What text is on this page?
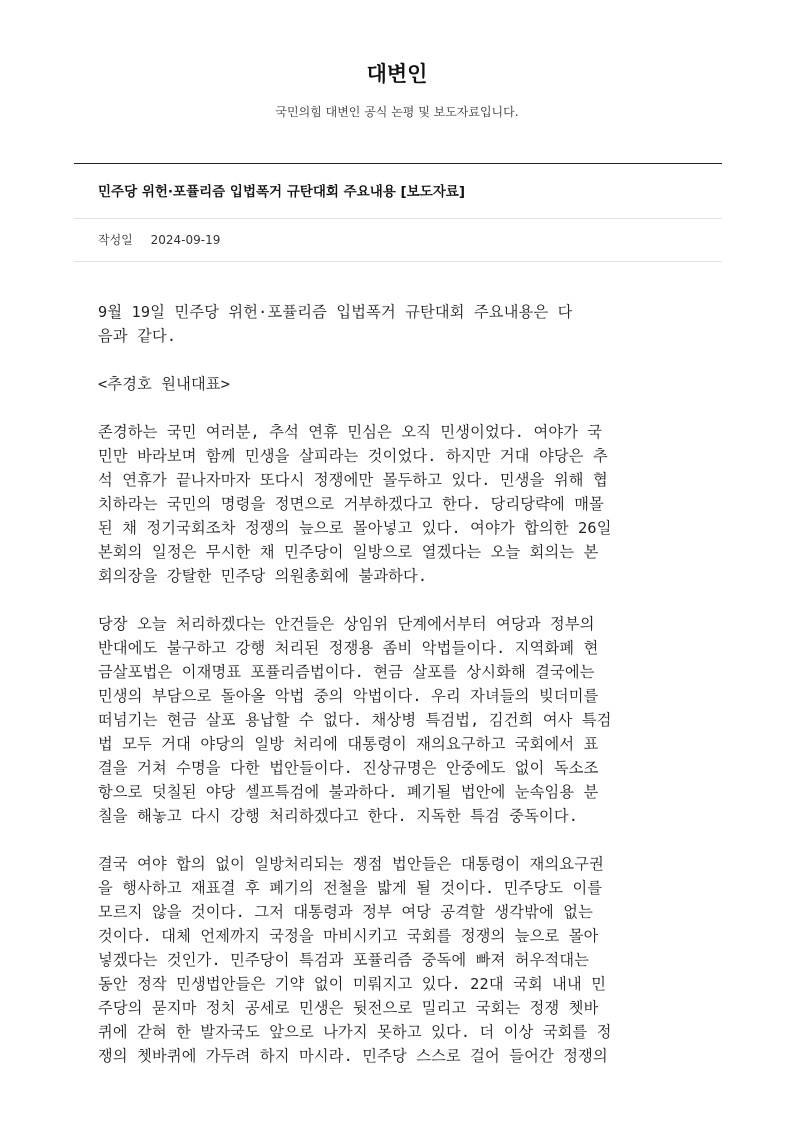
대변인
국민의힘 대변인 공식 논평 및 보도자료입니다.
민주당 위헌·포퓰리즘 입법폭거 규탄대회 주요내용 [보도자료]
작성일 2024-09-19
9월 19일 민주당 위헌·포퓰리즘 입법폭거 규탄대회 주요내용은 다
음과 같다.
<추경호 원내대표>
존경하는 국민 여러분, 추석 연휴 민심은 오직 민생이었다. 여야가 국
민만 바라보며 함께 민생을 살피라는 것이었다. 하지만 거대 야당은 추
석 연휴가 끝나자마자 또다시 정쟁에만 몰두하고 있다. 민생을 위해 협
치하라는 국민의 명령을 정면으로 거부하겠다고 한다. 당리당략에 매몰
된 채 정기국회조차 정쟁의 늪으로 몰아넣고 있다. 여야가 합의한 26일
본회의 일정은 무시한 채 민주당이 일방으로 열겠다는 오늘 회의는 본
회의장을 강탈한 민주당 의원총회에 불과하다.
당장 오늘 처리하겠다는 안건들은 상임위 단계에서부터 여당과 정부의
반대에도 불구하고 강행 처리된 정쟁용 좀비 악법들이다. 지역화폐 현
금살포법은 이재명표 포퓰리즘법이다. 현금 살포를 상시화해 결국에는
민생의 부담으로 돌아올 악법 중의 악법이다. 우리 자녀들의 빚더미를
떠넘기는 현금 살포 용납할 수 없다. 채상병 특검법, 김건희 여사 특검
법 모두 거대 야당의 일방 처리에 대통령이 재의요구하고 국회에서 표
결을 거쳐 수명을 다한 법안들이다. 진상규명은 안중에도 없이 독소조
항으로 덧칠된 야당 셀프특검에 불과하다. 폐기될 법안에 눈속임용 분
칠을 해놓고 다시 강행 처리하겠다고 한다. 지독한 특검 중독이다.
결국 여야 합의 없이 일방처리되는 쟁점 법안들은 대통령이 재의요구권
을 행사하고 재표결 후 폐기의 전철을 밟게 될 것이다. 민주당도 이를
모르지 않을 것이다. 그저 대통령과 정부 여당 공격할 생각밖에 없는
것이다. 대체 언제까지 국정을 마비시키고 국회를 정쟁의 늪으로 몰아
넣겠다는 것인가. 민주당이 특검과 포퓰리즘 중독에 빠져 허우적대는
동안 정작 민생법안들은 기약 없이 미뤄지고 있다. 22대 국회 내내 민
주당의 묻지마 정치 공세로 민생은 뒷전으로 밀리고 국회는 정쟁 쳇바
퀴에 갇혀 한 발자국도 앞으로 나가지 못하고 있다. 더 이상 국회를 정
쟁의 쳇바퀴에 가두려 하지 마시라. 민주당 스스로 걸어 들어간 정쟁의
